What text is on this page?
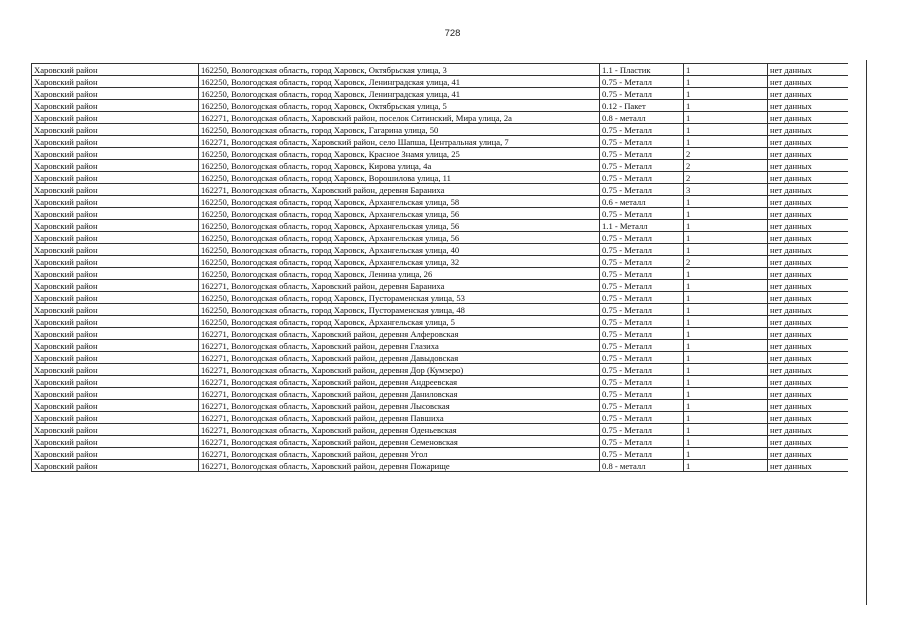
728
Харовский район	162250, Вологодская область, город Харовск, Октябрьская улица, 3	1.1 - Пластик	1	нет данных
Харовский район	162250, Вологодская область, город Харовск, Ленинградская улица, 41	0.75 - Металл	1	нет данных
Харовский район	162250, Вологодская область, город Харовск, Ленинградская улица, 41	0.75 - Металл	1	нет данных
Харовский район	162250, Вологодская область, город Харовск, Октябрьская улица, 5	0.12 - Пакет	1	нет данных
Харовский район	162271, Вологодская область, Харовский район, поселок Ситинский, Мира улица, 2а	0.8 - металл	1	нет данных
Харовский район	162250, Вологодская область, город Харовск, Гагарина улица, 50	0.75 - Металл	1	нет данных
Харовский район	162271, Вологодская область, Харовский район, село Шапша, Центральная улица, 7	0.75 - Металл	1	нет данных
Харовский район	162250, Вологодская область, город Харовск, Красное Знамя улица, 25	0.75 - Металл	2	нет данных
Харовский район	162250, Вологодская область, город Харовск, Кирова улица, 4а	0.75 - Металл	2	нет данных
Харовский район	162250, Вологодская область, город Харовск, Ворошилова улица, 11	0.75 - Металл	2	нет данных
Харовский район	162271, Вологодская область, Харовский район, деревня Бараниха	0.75 - Металл	3	нет данных
Харовский район	162250, Вологодская область, город Харовск, Архангельская улица, 58	0.6 - металл	1	нет данных
Харовский район	162250, Вологодская область, город Харовск, Архангельская улица, 56	0.75 - Металл	1	нет данных
Харовский район	162250, Вологодская область, город Харовск, Архангельская улица, 56	1.1 - Металл	1	нет данных
Харовский район	162250, Вологодская область, город Харовск, Архангельская улица, 56	0.75 - Металл	1	нет данных
Харовский район	162250, Вологодская область, город Харовск, Архангельская улица, 40	0.75 - Металл	1	нет данных
Харовский район	162250, Вологодская область, город Харовск, Архангельская улица, 32	0.75 - Металл	2	нет данных
Харовский район	162250, Вологодская область, город Харовск, Ленина улица, 26	0.75 - Металл	1	нет данных
Харовский район	162271, Вологодская область, Харовский район, деревня Бараниха	0.75 - Металл	1	нет данных
Харовский район	162250, Вологодская область, город Харовск, Пустораменская улица, 53	0.75 - Металл	1	нет данных
Харовский район	162250, Вологодская область, город Харовск, Пустораменская улица, 48	0.75 - Металл	1	нет данных
Харовский район	162250, Вологодская область, город Харовск, Архангельская улица, 5	0.75 - Металл	1	нет данных
Харовский район	162271, Вологодская область, Харовский район, деревня Алферовская	0.75 - Металл	1	нет данных
Харовский район	162271, Вологодская область, Харовский район, деревня Глазиха	0.75 - Металл	1	нет данных
Харовский район	162271, Вологодская область, Харовский район, деревня Давыдовская	0.75 - Металл	1	нет данных
Харовский район	162271, Вологодская область, Харовский район, деревня Дор (Кумзеро)	0.75 - Металл	1	нет данных
Харовский район	162271, Вологодская область, Харовский район, деревня Андреевская	0.75 - Металл	1	нет данных
Харовский район	162271, Вологодская область, Харовский район, деревня Даниловская	0.75 - Металл	1	нет данных
Харовский район	162271, Вологодская область, Харовский район, деревня Лысовская	0.75 - Металл	1	нет данных
Харовский район	162271, Вологодская область, Харовский район, деревня Павшиха	0.75 - Металл	1	нет данных
Харовский район	162271, Вологодская область, Харовский район, деревня Оденьевская	0.75 - Металл	1	нет данных
Харовский район	162271, Вологодская область, Харовский район, деревня Семеновская	0.75 - Металл	1	нет данных
Харовский район	162271, Вологодская область, Харовский район, деревня Угол	0.75 - Металл	1	нет данных
Харовский район	162271, Вологодская область, Харовский район, деревня Пожарище	0.8 - металл	1	нет данных
